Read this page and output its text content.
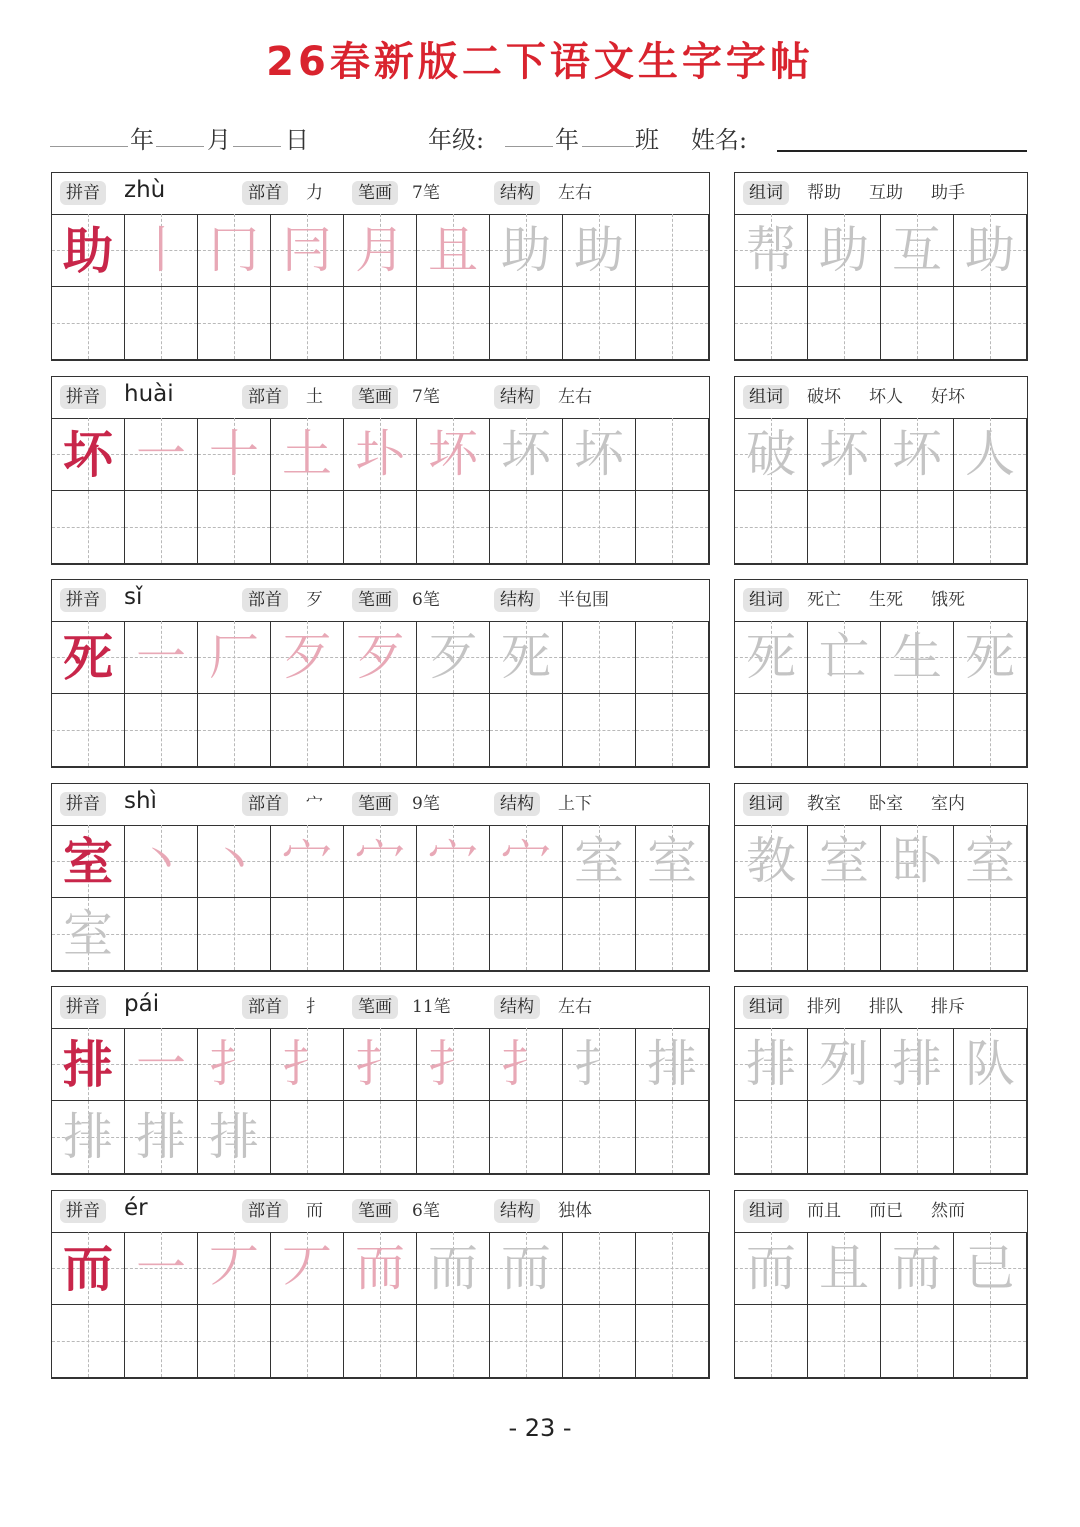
26春新版二下语文生字字帖
年 月 日	年级:	年 班 姓名:
拼音 zhù	部首	力	笔画	7笔	结构	左右
助 丨 冂 冃 月 且 助 助
组词	帮助 互助 助手
帮 助 互 助
拼音 huài	部首	土	笔画	7笔	结构	左右
坏 一 十 土 圤 坏 坏 坏
组词	破坏 坏人 好坏
破 坏 坏 人
拼音 sǐ	部首	歹	笔画	6笔	结构	半包围
死 一 厂 歹 歹 歹 死
组词	死亡 生死 饿死
死 亡 生 死
拼音 shì	部首	宀	笔画	9笔	结构	上下
室 丶 丶 宀 宀 宀 宀 室 室
室
组词	教室 卧室 室内
教 室 卧 室
拼音 pái	部首	扌	笔画	11笔	结构	左右
排 一 扌 扌 扌 扌 扌 扌 排
排 排 排
组词	排列 排队 排斥
排 列 排 队
拼音 ér	部首	而	笔画	6笔	结构	独体
而 一 丆 丆 而 而 而
组词	而且 而已 然而
而 且 而 已
- 23 -
